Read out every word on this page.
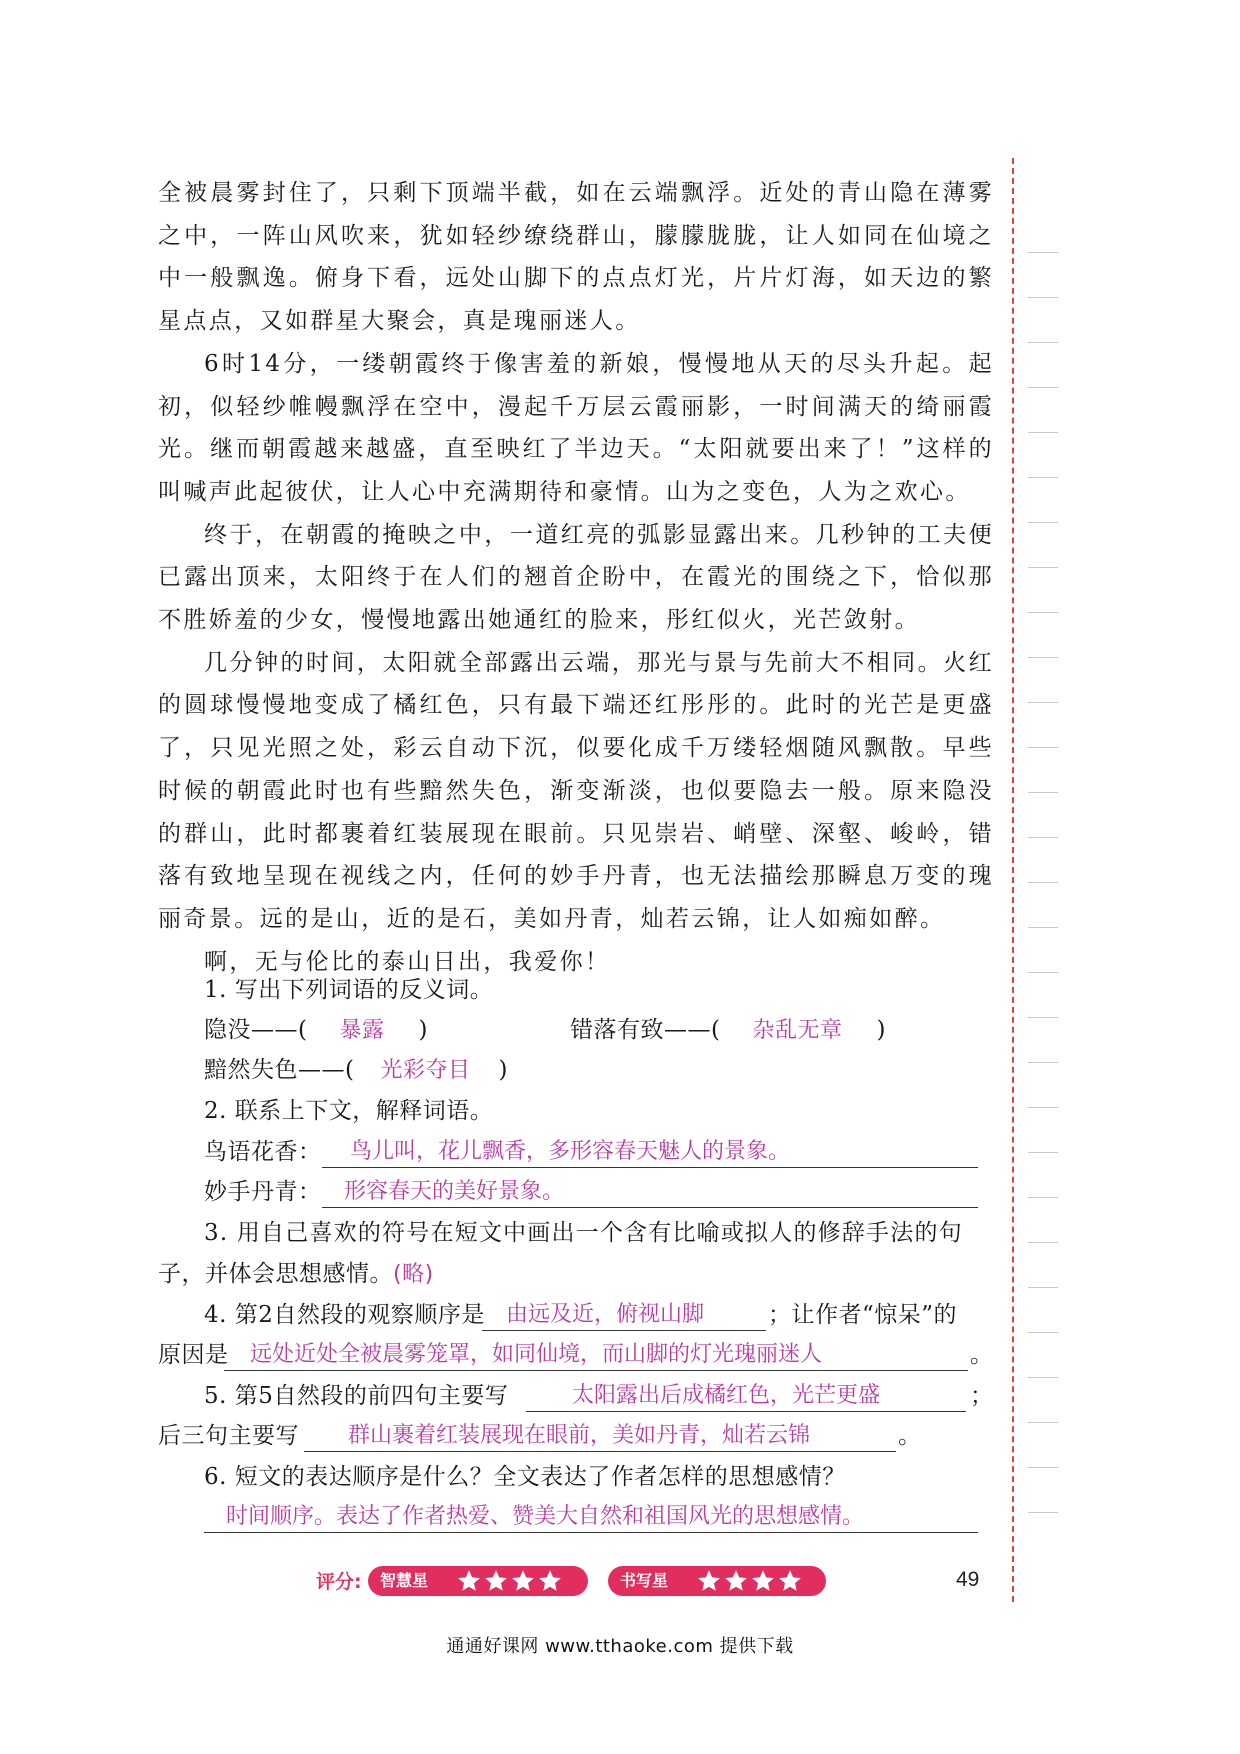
全被晨雾封住了，只剩下顶端半截，如在云端飘浮。近处的青山隐在薄雾之中，一阵山风吹来，犹如轻纱缭绕群山，朦朦胧胧，让人如同在仙境之中一般飘逸。俯身下看，远处山脚下的点点灯光，片片灯海，如天边的繁星点点，又如群星大聚会，真是瑰丽迷人。

6时14分，一缕朝霞终于像害羞的新娘，慢慢地从天的尽头升起。起初，似轻纱帷幔飘浮在空中，漫起千万层云霞丽影，一时间满天的绮丽霞光。继而朝霞越来越盛，直至映红了半边天。“太阳就要出来了！”这样的叫喊声此起彼伏，让人心中充满期待和豪情。山为之变色，人为之欢心。

终于，在朝霞的掩映之中，一道红亮的弧影显露出来。几秒钟的工夫便已露出顶来，太阳终于在人们的翘首企盼中，在霞光的围绕之下，恰似那不胜娇羞的少女，慢慢地露出她通红的脸来，彤红似火，光芒敛射。

几分钟的时间，太阳就全部露出云端，那光与景与先前大不相同。火红的圆球慢慢地变成了橘红色，只有最下端还红彤彤的。此时的光芒是更盛了，只见光照之处，彩云自动下沉，似要化成千万缕轻烟随风飘散。早些时候的朝霞此时也有些黯然失色，渐变渐淡，也似要隐去一般。原来隐没的群山，此时都裹着红装展现在眼前。只见崇岩、峭壁、深壑、峻岭，错落有致地呈现在视线之内，任何的妙手丹青，也无法描绘那瞬息万变的瑰丽奇景。远的是山，近的是石，美如丹青，灿若云锦，让人如痴如醉。

啊，无与伦比的泰山日出，我爱你！

1. 写出下列词语的反义词。
隐没——( 暴露 )	错落有致——( 杂乱无章 )
黯然失色——( 光彩夺目 )
2. 联系上下文，解释词语。
鸟语花香： 鸟儿叫，花儿飘香，多形容春天魅人的景象。
妙手丹青： 形容春天的美好景象。
3. 用自己喜欢的符号在短文中画出一个含有比喻或拟人的修辞手法的句
子，并体会思想感情。(略)
4. 第2自然段的观察顺序是 由远及近，俯视山脚	；让作者“惊呆”的
原因是 远处近处全被晨雾笼罩，如同仙境，而山脚的灯光瑰丽迷人	。
5. 第5自然段的前四句主要写	太阳露出后成橘红色，光芒更盛	；
后三句主要写 群山裹着红装展现在眼前，美如丹青，灿若云锦	。
6. 短文的表达顺序是什么？全文表达了作者怎样的思想感情？
时间顺序。表达了作者热爱、赞美大自然和祖国风光的思想感情。
评分: 智慧星	书写星	49
通通好课网 www.tthaoke.com 提供下载
